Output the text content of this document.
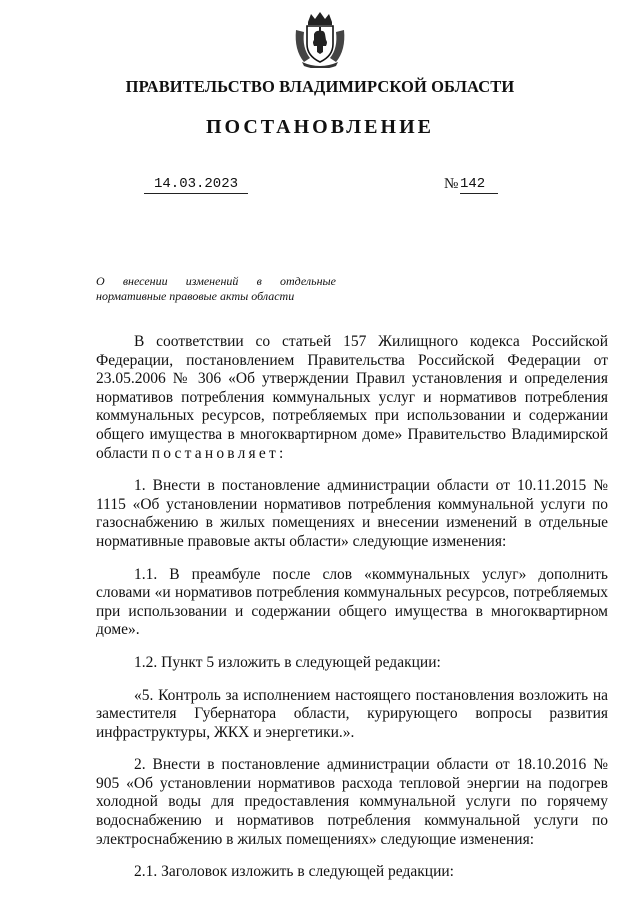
ПРАВИТЕЛЬСТВО ВЛАДИМИРСКОЙ ОБЛАСТИ
ПОСТАНОВЛЕНИЕ
14.03.2023	№ 142
О внесении изменений в отдельные нормативные правовые акты области

В соответствии со статьей 157 Жилищного кодекса Российской Федерации, постановлением Правительства Российской Федерации от 23.05.2006 № 306 «Об утверждении Правил установления и определения нормативов потребления коммунальных услуг и нормативов потребления коммунальных ресурсов, потребляемых при использовании и содержании общего имущества в многоквартирном доме» Правительство Владимирской области постановляет:

1. Внести в постановление администрации области от 10.11.2015 № 1115 «Об установлении нормативов потребления коммунальной услуги по газоснабжению в жилых помещениях и внесении изменений в отдельные нормативные правовые акты области» следующие изменения:

1.1. В преамбуле после слов «коммунальных услуг» дополнить словами «и нормативов потребления коммунальных ресурсов, потребляемых при использовании и содержании общего имущества в многоквартирном доме».

1.2. Пункт 5 изложить в следующей редакции:

«5. Контроль за исполнением настоящего постановления возложить на заместителя Губернатора области, курирующего вопросы развития инфраструктуры, ЖКХ и энергетики.».

2. Внести в постановление администрации области от 18.10.2016 № 905 «Об установлении нормативов расхода тепловой энергии на подогрев холодной воды для предоставления коммунальной услуги по горячему водоснабжению и нормативов потребления коммунальной услуги по электроснабжению в жилых помещениях» следующие изменения:

2.1. Заголовок изложить в следующей редакции:
